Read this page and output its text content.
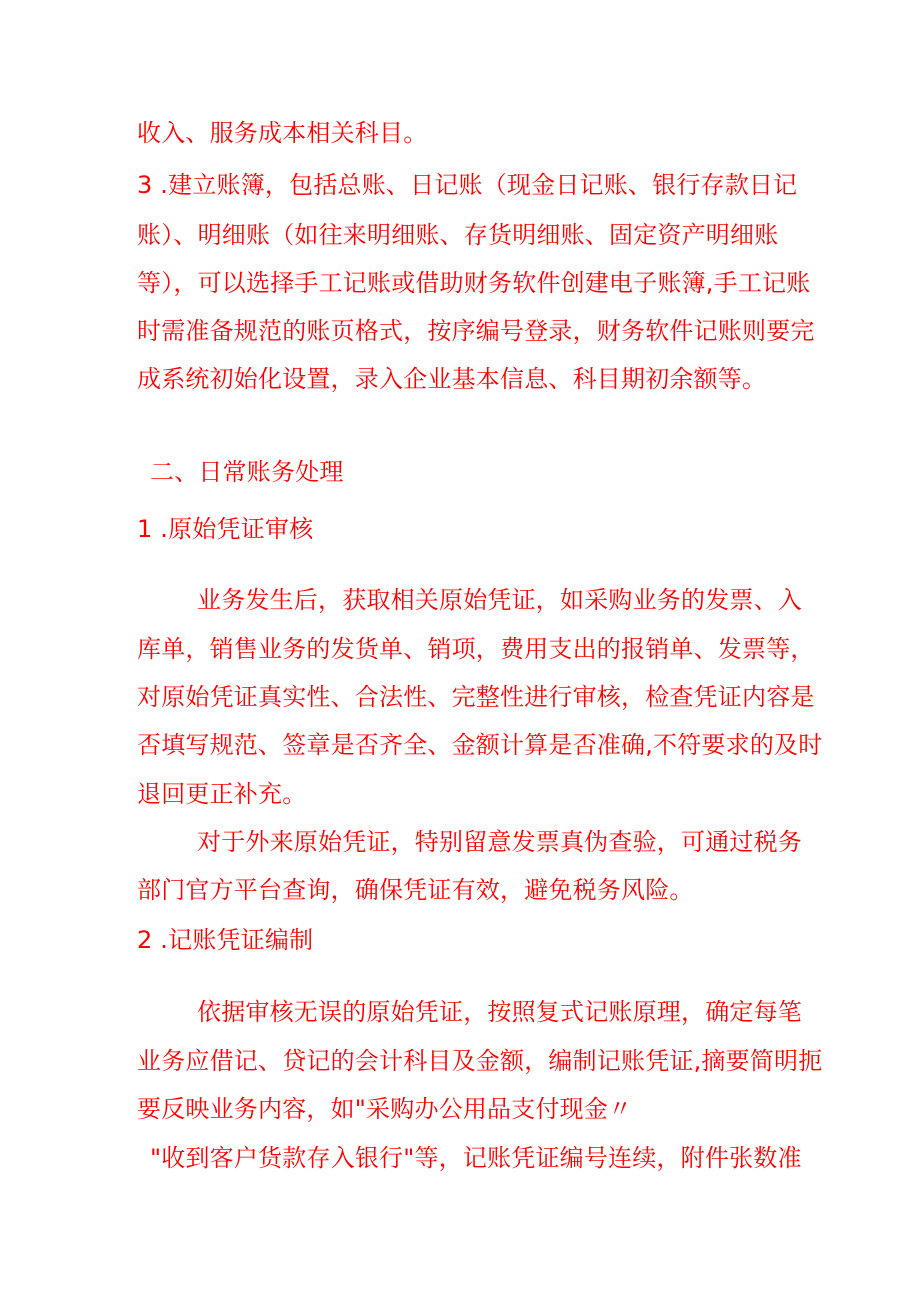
收入、服务成本相关科目。
3 .建立账簿，包括总账、日记账（现金日记账、银行存款日记
账）、明细账（如往来明细账、存货明细账、固定资产明细账
等），可以选择手工记账或借助财务软件创建电子账簿,手工记账
时需准备规范的账页格式，按序编号登录，财务软件记账则要完
成系统初始化设置，录入企业基本信息、科目期初余额等。
二、日常账务处理
1 .原始凭证审核
业务发生后，获取相关原始凭证，如采购业务的发票、入
库单，销售业务的发货单、销项，费用支出的报销单、发票等，
对原始凭证真实性、合法性、完整性进行审核，检查凭证内容是
否填写规范、签章是否齐全、金额计算是否准确,不符要求的及时
退回更正补充。
对于外来原始凭证，特别留意发票真伪查验，可通过税务
部门官方平台查询，确保凭证有效，避免税务风险。
2 .记账凭证编制
依据审核无误的原始凭证，按照复式记账原理，确定每笔
业务应借记、贷记的会计科目及金额，编制记账凭证,摘要简明扼
要反映业务内容，如"采购办公用品支付现金〃
"收到客户货款存入银行"等，记账凭证编号连续，附件张数准
